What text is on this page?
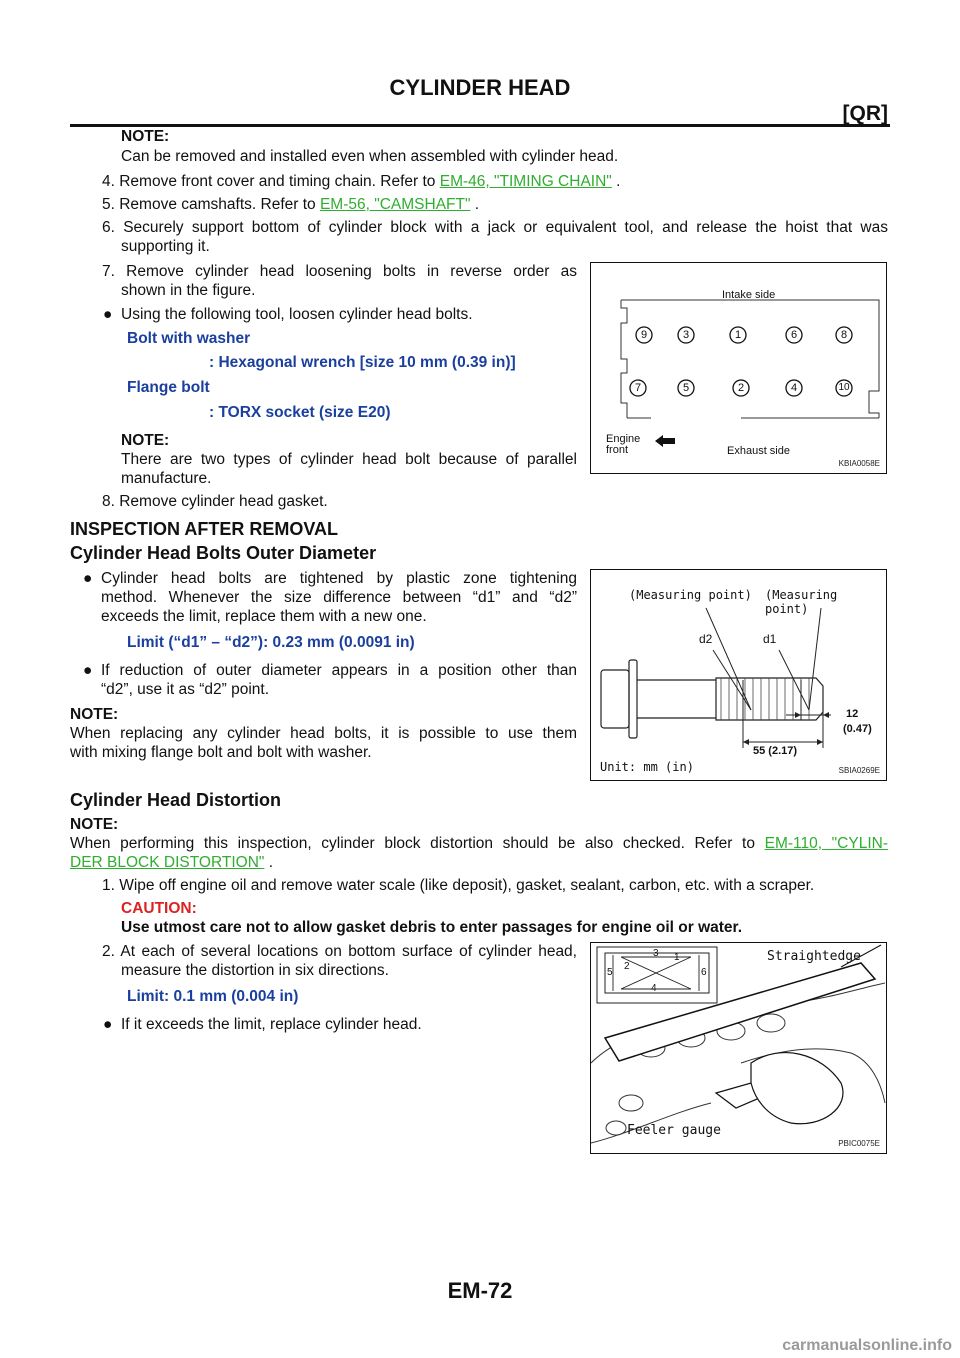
CYLINDER HEAD
[QR]
NOTE:
Can be removed and installed even when assembled with cylinder head.
4. Remove front cover and timing chain. Refer to EM-46, "TIMING CHAIN" .
5. Remove camshafts. Refer to EM-56, "CAMSHAFT" .
6. Securely support bottom of cylinder block with a jack or equivalent tool, and release the hoist that was
supporting it.
7. Remove cylinder head loosening bolts in reverse order as
shown in the figure.
● Using the following tool, loosen cylinder head bolts.
Bolt with washer
: Hexagonal wrench [size 10 mm (0.39 in)]
Flange bolt
: TORX socket (size E20)
NOTE:
There are two types of cylinder head bolt because of parallel
manufacture.
8. Remove cylinder head gasket.
Intake side
Exhaust side
Engine
front
9	3	1	6	8
7	5	2	4	10
KBIA0058E
INSPECTION AFTER REMOVAL
Cylinder Head Bolts Outer Diameter
● Cylinder head bolts are tightened by plastic zone tightening
method. Whenever the size difference between “d1” and “d2”
exceeds the limit, replace them with a new one.
Limit (“d1” – “d2”): 0.23 mm (0.0091 in)
● If reduction of outer diameter appears in a position other than
“d2”, use it as “d2” point.
NOTE:
When replacing any cylinder head bolts, it is possible to use them
with mixing flange bolt and bolt with washer.
(Measuring point) (Measuring point)
d2	d1
12
(0.47)
55 (2.17)
Unit: mm (in)	SBIA0269E
Cylinder Head Distortion
NOTE:
When performing this inspection, cylinder block distortion should be also checked. Refer to EM-110, "CYLIN-
DER BLOCK DISTORTION" .
1. Wipe off engine oil and remove water scale (like deposit), gasket, sealant, carbon, etc. with a scraper.
CAUTION:
Use utmost care not to allow gasket debris to enter passages for engine oil or water.
2. At each of several locations on bottom surface of cylinder head,
measure the distortion in six directions.
Limit: 0.1 mm (0.004 in)
● If it exceeds the limit, replace cylinder head.
1
2
3
4
5	6
Straightedge
Feeler gauge
PBIC0075E
EM-72
carmanualsonline.info
